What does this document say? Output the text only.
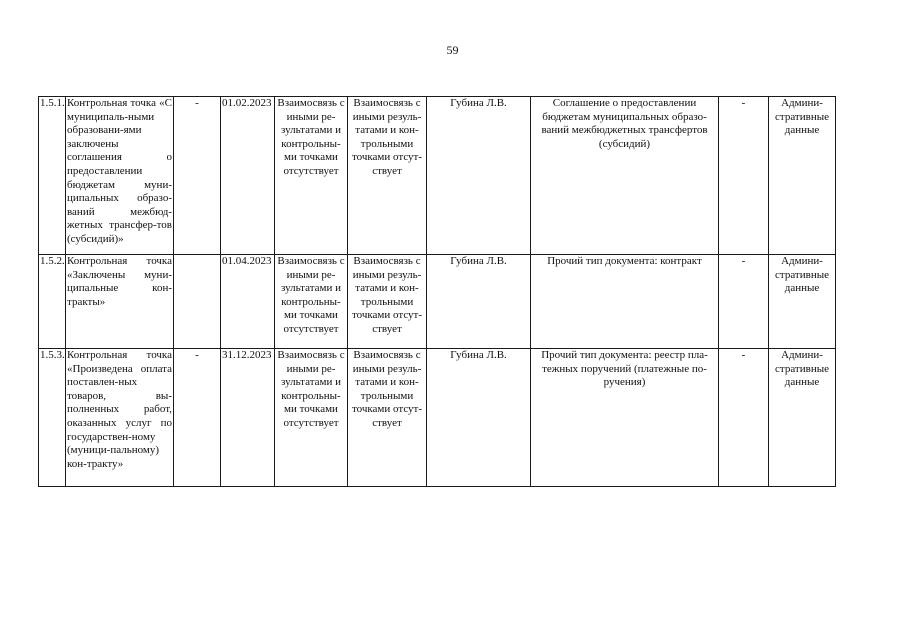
59
1.5.1.	Контрольная точка «С муниципаль-ными образовани-ями заключены соглашения о предоставлении бюджетам муни-ципальных образо-ваний межбюд-жетных трансфер-тов (субсидий)»	-	01.02.2023	Взаимосвязь с иными ре-зультатами и контрольны-ми точками отсутствует	Взаимосвязь с иными резуль-татами и кон-трольными точками отсут-ствует	Губина Л.В.	Соглашение о предоставлении бюджетам муниципальных образо-ваний межбюджетных трансфертов (субсидий)	-	Админи-стративные данные
1.5.2.	Контрольная точка «Заключены муни-ципальные кон-тракты»		01.04.2023	Взаимосвязь с иными ре-зультатами и контрольны-ми точками отсутствует	Взаимосвязь с иными резуль-татами и кон-трольными точками отсут-ствует	Губина Л.В.	Прочий тип документа: контракт	-	Админи-стративные данные
1.5.3.	Контрольная точка «Произведена оплата поставлен-ных товаров, вы-полненных работ, оказанных услуг по государствен-ному (муници-пальному) кон-тракту»	-	31.12.2023	Взаимосвязь с иными ре-зультатами и контрольны-ми точками отсутствует	Взаимосвязь с иными резуль-татами и кон-трольными точками отсут-ствует	Губина Л.В.	Прочий тип документа: реестр пла-тежных поручений (платежные по-ручения)	-	Админи-стративные данные
